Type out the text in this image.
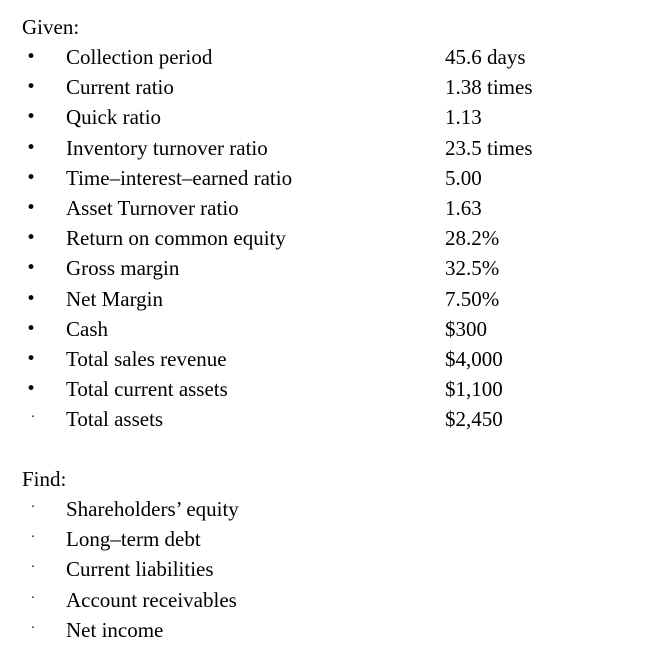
Given:
• Collection period	45.6 days
• Current ratio	1.38 times
• Quick ratio	1.13
• Inventory turnover ratio	23.5 times
• Time–interest–earned ratio	5.00
• Asset Turnover ratio	1.63
• Return on common equity	28.2%
• Gross margin	32.5%
• Net Margin	7.50%
• Cash	$300
• Total sales revenue	$4,000
• Total current assets	$1,100
· Total assets	$2,450
Find:
· Shareholders’ equity
· Long–term debt
· Current liabilities
· Account receivables
· Net income
